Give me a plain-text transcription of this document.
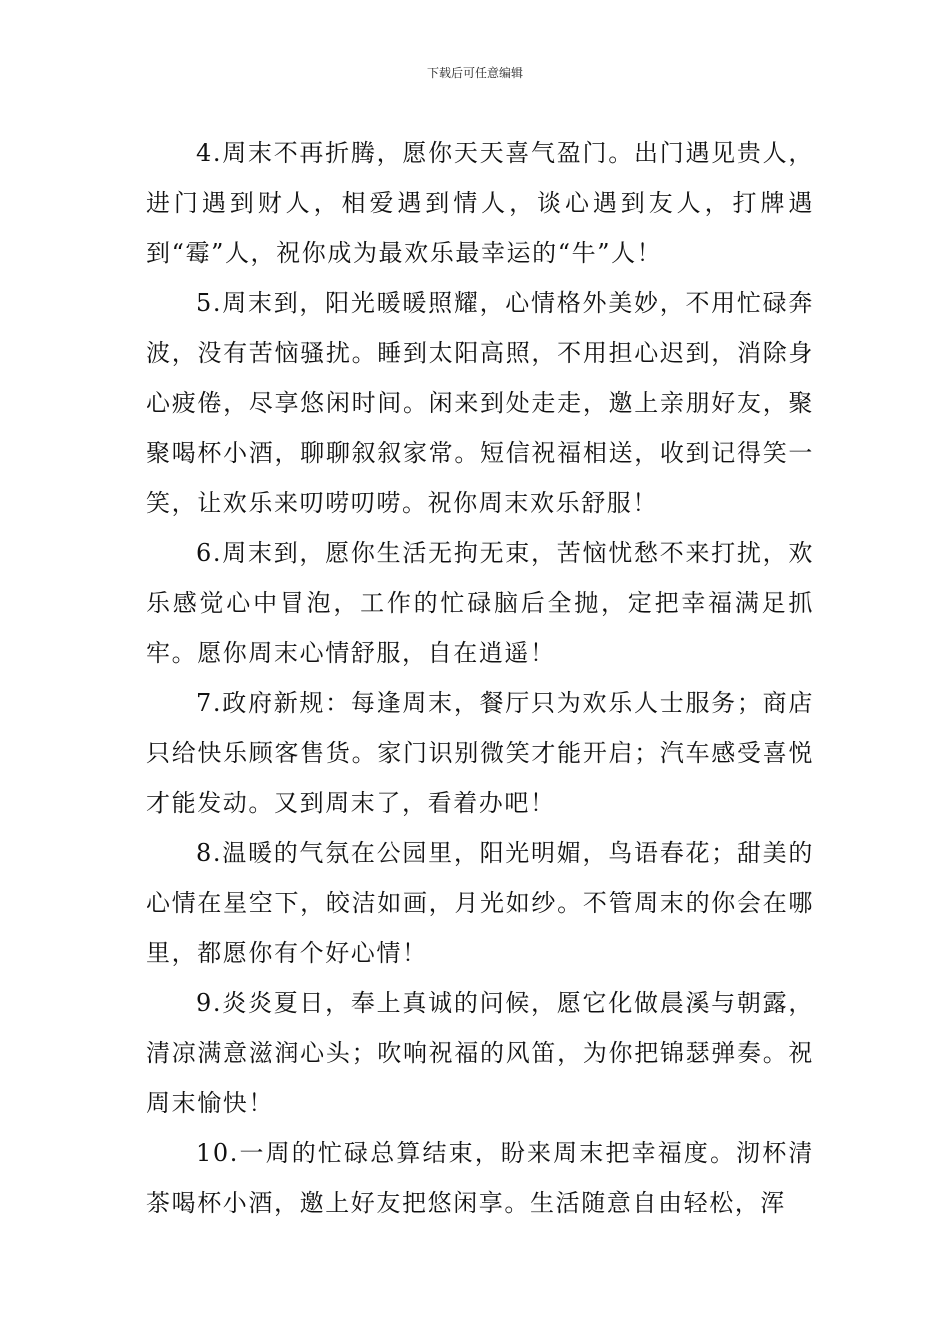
下载后可任意编辑

4.周末不再折腾，愿你天天喜气盈门。出门遇见贵人，进门遇到财人，相爱遇到情人，谈心遇到友人，打牌遇到“霉”人，祝你成为最欢乐最幸运的“牛”人！

5.周末到，阳光暖暖照耀，心情格外美妙，不用忙碌奔波，没有苦恼骚扰。睡到太阳高照，不用担心迟到，消除身心疲倦，尽享悠闲时间。闲来到处走走，邀上亲朋好友，聚聚喝杯小酒，聊聊叙叙家常。短信祝福相送，收到记得笑一笑，让欢乐来叨唠叨唠。祝你周末欢乐舒服！

6.周末到，愿你生活无拘无束，苦恼忧愁不来打扰，欢乐感觉心中冒泡，工作的忙碌脑后全抛，定把幸福满足抓牢。愿你周末心情舒服，自在逍遥！

7.政府新规：每逢周末，餐厅只为欢乐人士服务；商店只给快乐顾客售货。家门识别微笑才能开启；汽车感受喜悦才能发动。又到周末了，看着办吧！

8.温暖的气氛在公园里，阳光明媚，鸟语春花；甜美的心情在星空下，皎洁如画，月光如纱。不管周末的你会在哪里，都愿你有个好心情！

9.炎炎夏日，奉上真诚的问候，愿它化做晨溪与朝露，清凉满意滋润心头；吹响祝福的风笛，为你把锦瑟弹奏。祝周末愉快！

10.一周的忙碌总算结束，盼来周末把幸福度。沏杯清茶喝杯小酒，邀上好友把悠闲享。生活随意自由轻松，浑
